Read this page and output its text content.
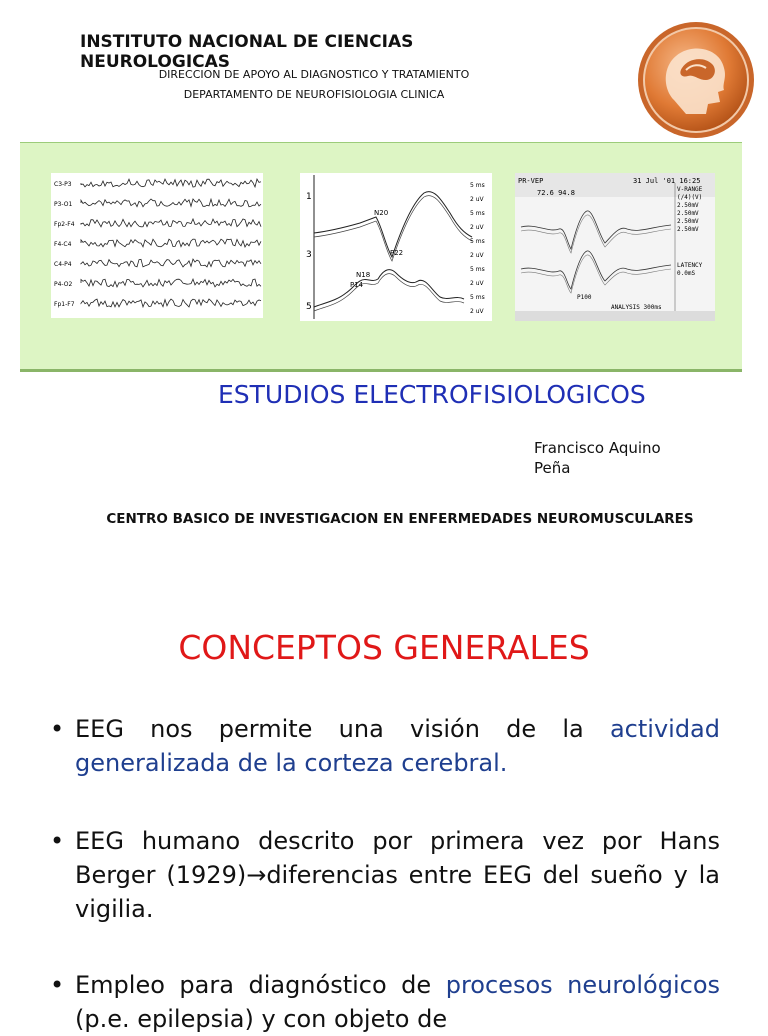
INSTITUTO NACIONAL DE CIENCIAS NEUROLOGICAS
DIRECCION DE APOYO AL DIAGNOSTICO Y TRATAMIENTO
DEPARTAMENTO DE NEUROFISIOLOGIA CLINICA
C3-P3
P3-O1
Fp2-F4
F4-C4
C4-P4
P4-O2
Fp1-F7
1
3
5
N20
P22
N18
P14
5 ms
2 uV
5 ms
2 uV
5 ms
2 uV
5 ms
2 uV
5 ms
2 uV
PR-VEP	31 Jul '01 16:25
72.6 94.8	V-RANGE
(/4)(V)
2.50mV
2.50mV
2.50mV
2.50mV
LATENCY
0.0mS
P100
ANALYSIS 300ms
ESTUDIOS ELECTROFISIOLOGICOS
Francisco Aquino
Peña
CENTRO BASICO DE INVESTIGACION EN ENFERMEDADES NEUROMUSCULARES
CONCEPTOS GENERALES
• EEG nos permite una visión de la actividad generalizada de la corteza cerebral.
• EEG humano descrito por primera vez por Hans Berger (1929)→diferencias entre EEG del sueño y la vigilia.
• Empleo para diagnóstico de procesos neurológicos (p.e. epilepsia) y con objeto de
